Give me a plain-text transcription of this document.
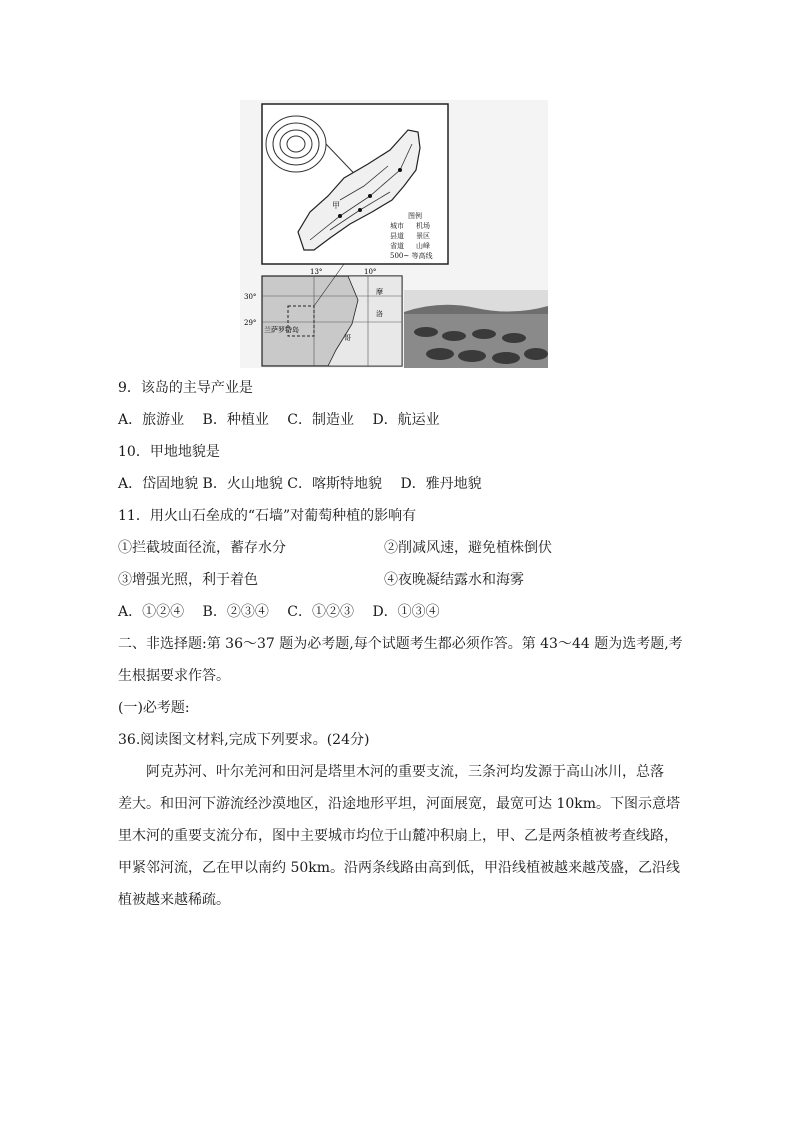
甲
图例
城市 机场
县道 景区
省道 山峰
500~ 等高线
13°	10°
30°
29°
兰萨罗特岛
摩
洛
哥
9．该岛的主导产业是
A．旅游业　 B．种植业　 C．制造业　 D．航运业
10．甲地地貌是
A．岱固地貌 B．火山地貌 C．喀斯特地貌　 D．雅丹地貌
11．用火山石垒成的“石墙”对葡萄种植的影响有
①拦截坡面径流，蓄存水分	②削减风速，避免植株倒伏
③增强光照，利于着色	④夜晚凝结露水和海雾
A．①②④　 B．②③④　 C．①②③　 D．①③④
二、非选择题:第 36～37 题为必考题,每个试题考生都必须作答。第 43～44 题为选考题,考
生根据要求作答。
(一)必考题:
36.阅读图文材料,完成下列要求。(24分)
阿克苏河、叶尔羌河和田河是塔里木河的重要支流，三条河均发源于高山冰川，总落
差大。和田河下游流经沙漠地区，沿途地形平坦，河面展宽，最宽可达 10km。下图示意塔
里木河的重要支流分布，图中主要城市均位于山麓冲积扇上，甲、乙是两条植被考查线路，
甲紧邻河流，乙在甲以南约 50km。沿两条线路由高到低，甲沿线植被越来越茂盛，乙沿线
植被越来越稀疏。
